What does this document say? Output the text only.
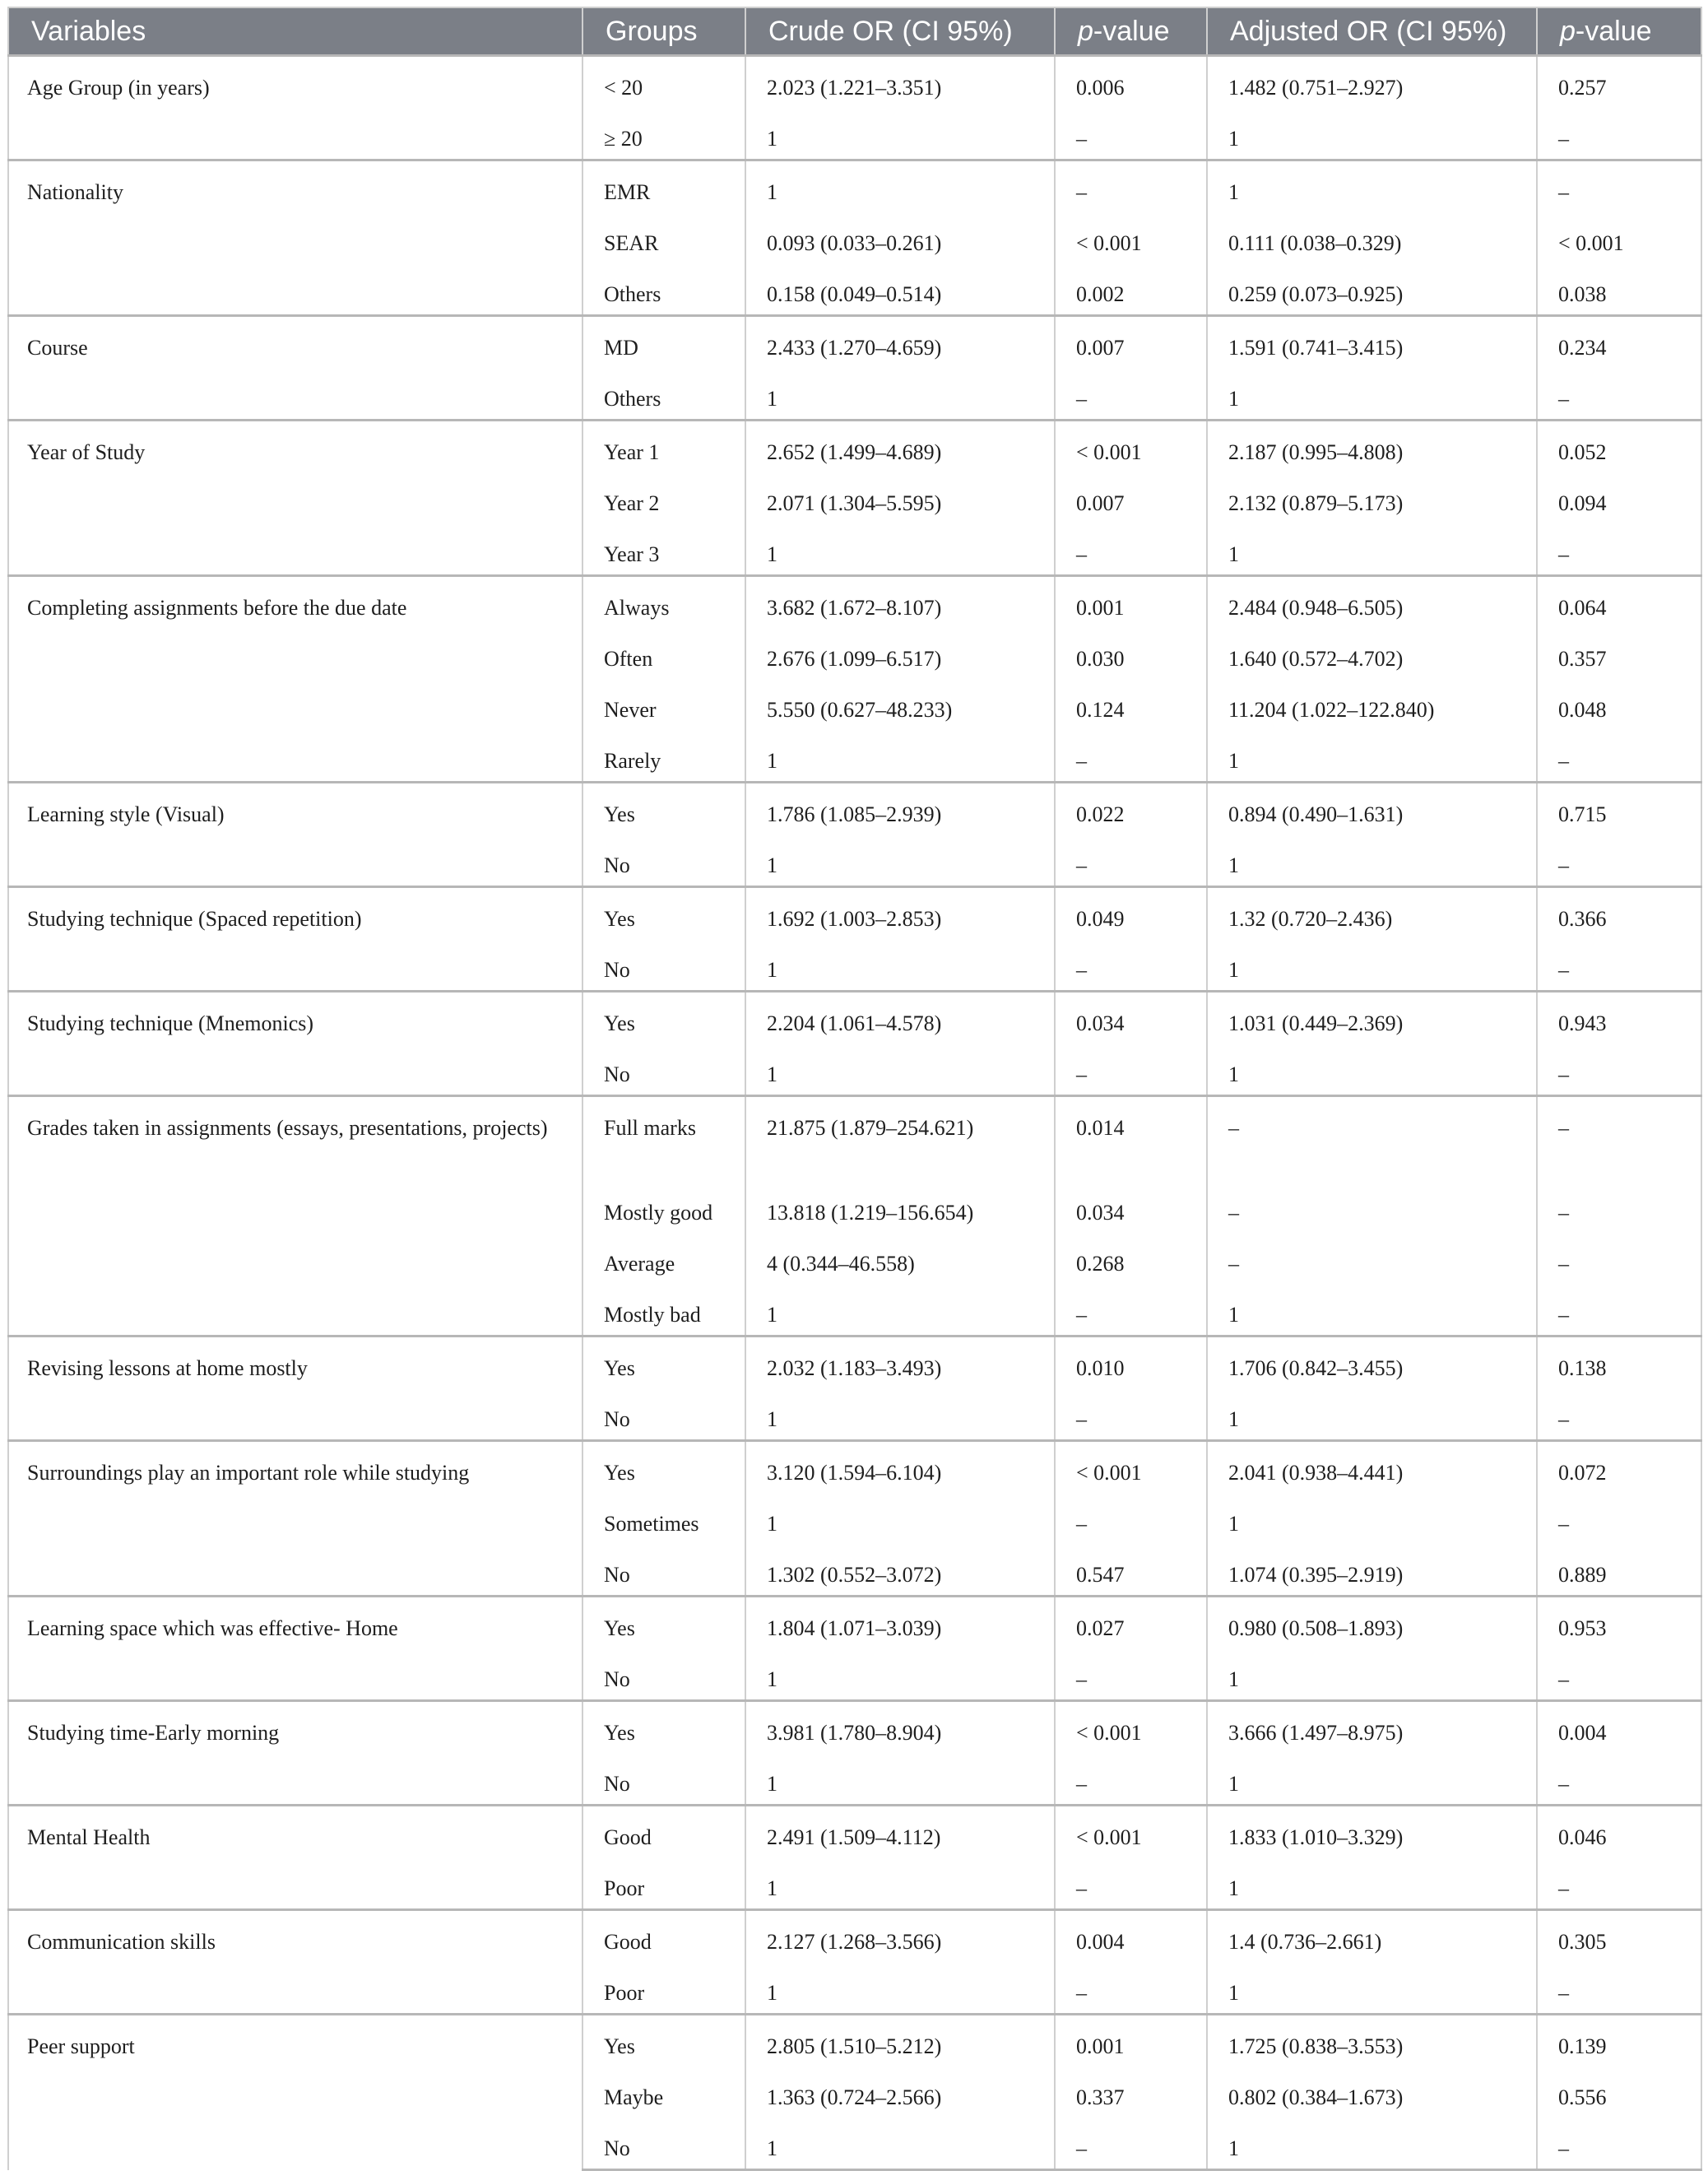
Variables	Groups	Crude OR (CI 95%)	p-value	Adjusted OR (CI 95%)	p-value
Age Group (in years)	< 20	2.023 (1.221–3.351)	0.006	1.482 (0.751–2.927)	0.257
	≥ 20	1	–	1	–
Nationality	EMR	1	–	1	–
	SEAR	0.093 (0.033–0.261)	< 0.001	0.111 (0.038–0.329)	< 0.001
	Others	0.158 (0.049–0.514)	0.002	0.259 (0.073–0.925)	0.038
Course	MD	2.433 (1.270–4.659)	0.007	1.591 (0.741–3.415)	0.234
	Others	1	–	1	–
Year of Study	Year 1	2.652 (1.499–4.689)	< 0.001	2.187 (0.995–4.808)	0.052
	Year 2	2.071 (1.304–5.595)	0.007	2.132 (0.879–5.173)	0.094
	Year 3	1	–	1	–
Completing assignments before the due date	Always	3.682 (1.672–8.107)	0.001	2.484 (0.948–6.505)	0.064
	Often	2.676 (1.099–6.517)	0.030	1.640 (0.572–4.702)	0.357
	Never	5.550 (0.627–48.233)	0.124	11.204 (1.022–122.840)	0.048
	Rarely	1	–	1	–
Learning style (Visual)	Yes	1.786 (1.085–2.939)	0.022	0.894 (0.490–1.631)	0.715
	No	1	–	1	–
Studying technique (Spaced repetition)	Yes	1.692 (1.003–2.853)	0.049	1.32 (0.720–2.436)	0.366
	No	1	–	1	–
Studying technique (Mnemonics)	Yes	2.204 (1.061–4.578)	0.034	1.031 (0.449–2.369)	0.943
	No	1	–	1	–
Grades taken in assignments (essays, presentations, projects)	Full marks	21.875 (1.879–254.621)	0.014	–	–
	Mostly good	13.818 (1.219–156.654)	0.034	–	–
	Average	4 (0.344–46.558)	0.268	–	–
	Mostly bad	1	–	1	–
Revising lessons at home mostly	Yes	2.032 (1.183–3.493)	0.010	1.706 (0.842–3.455)	0.138
	No	1	–	1	–
Surroundings play an important role while studying	Yes	3.120 (1.594–6.104)	< 0.001	2.041 (0.938–4.441)	0.072
	Sometimes	1	–	1	–
	No	1.302 (0.552–3.072)	0.547	1.074 (0.395–2.919)	0.889
Learning space which was effective- Home	Yes	1.804 (1.071–3.039)	0.027	0.980 (0.508–1.893)	0.953
	No	1	–	1	–
Studying time-Early morning	Yes	3.981 (1.780–8.904)	< 0.001	3.666 (1.497–8.975)	0.004
	No	1	–	1	–
Mental Health	Good	2.491 (1.509–4.112)	< 0.001	1.833 (1.010–3.329)	0.046
	Poor	1	–	1	–
Communication skills	Good	2.127 (1.268–3.566)	0.004	1.4 (0.736–2.661)	0.305
	Poor	1	–	1	–
Peer support	Yes	2.805 (1.510–5.212)	0.001	1.725 (0.838–3.553)	0.139
	Maybe	1.363 (0.724–2.566)	0.337	0.802 (0.384–1.673)	0.556
	No	1	–	1	–
